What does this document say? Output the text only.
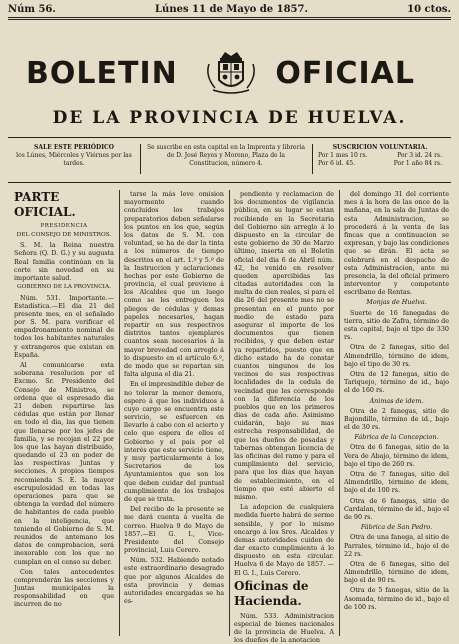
Núm 56.	Lúnes 11 de Mayo de 1857.	10 ctos.
BOLETIN	OFICIAL
DE LA PROVINCIA DE HUELVA.
SALE ESTE PERIÓDICO
los Lúnes, Miércoles y Viérnes por las tardes.
Se suscribe en esta capital en la Imprenta y librería de D. José Reyes y Moreno, Plaza de la Constitucion, número 4.
SUSCRICION VOLUNTARIA.
Por 1 mes 10 rs.	Por 3 id. 24 rs.
Por 6 id. 45.	Por 1 año 84 rs.

PARTE OFICIAL.

PRESIDENCIA

DEL CONSEJO DE MINISTROS.

S. M. la Reina nuestra Señora (Q. D. G.) y su augusta Real familia continúan en la corte sin novedad en su importante salud.

GOBIERNO DE LA PROVINCIA.

Núm. 531. Importante.— Estadística.—El dia 21 del presente mes, en el señalado por S. M. para verificar el empadronamiento nominal de todos los habitantes naturales y extrangeros que existan en España.

Al comunicarse esta soberana resolucion por el Excmo. Sr. Presidente del Consejo de Ministros, se ordena que el espresado dia 21 deben repartirse las cédulas que están por llenar en todo el dia, las que tienen que llenarse por los jefes de familia, y se recojan el 22 por los que las hayan distribuido, quedando el 23 en poder de las respectivas Juntas y secciones. A propios tiempos recomienda S. E. la mayor escrupulosidad en todas las operaciones para que se obtenga la verdad del número de habitantes de cada pueblo en la inteligencia, que teniendo el Gobierno de S. M. reunidos de antemano los datos de comprobacion, será inexorable con los que no cumplan en el censo su deber.

Con tales antecedentes comprenderán las secciones y Juntas municipales la responsabilidad en que incurren de no

tarse la más leve omision mayormente cuando concluidos los trabajos preparatorios deben señalarse los puntos en los que, según los datos de S. M. con voluntad, se ha de dar la tinta a los números de tiempo descritos en el art. 1.º y 5.º de la Instruccion y aclaraciones hechas por este Gobierno de provincia, el cual previene á los Alcaldes que un luego como se les entreguen los pliegos de cédulas y demas papeles necesarios, hagan repartir en sus respectivos distritos tantos ejemplares cuantos sean necesarios á la mayor brevedad con arreglo á lo dispuesto en el artículo 6.º, de modo que se repartan sin falta alguna el dia 21.

En el impresindible deber de no tolerar la menor demora, espero á que los individuos á cuyo cargo se encuentra este servicio, se esfuercen en llevarlo á cabo con el acierto y celo que espera de ellos el Gobierno y el pais por el interés que este servicio tiene, y muy particularmente á los Secretarios de los Ayuntamientos que son los que deben cuidar del puntual cumplimiento de los trabajos de que se trata.

Del recibo de la presente se me dará cuenta á vuelta de correo. Huelva 9 de Mayo de 1857.—El G. I., Vice-Presidente del Consejo provincial, Luis Cerero.

Núm. 532. Habiendo notado este extraordinario desagrado que por algunos Alcaldes de esta provincia y demas autoridades encargadas se ha es-

pendiente y reclamacion de los documentos de vigilancia pública, en su lugar se estan recibiendo en la Secretaria del Gobierno sin arreglo á lo dispuesto en la circular de este gobierno de 30 de Marzo último, inserta en el Boletin oficial del dia 6 de Abril núm. 42, he venido en resolver queden apercibidas las citadas autoridades con la multa de cien reales, si para el dia 26 del presente mes no se presentan en el punto por medio de estado para asegurar el importe de los documentos que tienen recibidos, y que deben estar ya repartidos, puesto que en dicho estado ha de constar cuantos ningunos de los vecinos de sus respectivas localidades de la cedula de vecindad que les corresponde con la diferencia de los pueblos que en los primeros dias de cada año. Asimismo cuidarán, bajo su mas estrecha responsabilidad, de que los dueños de posadas y tabernas obtengan licencia de las oficinas del ramo y para el cumplimiento del servicio, para que los dias que hayan de establecimiento, en el tiempo que esté abierto el mismo.

La adopcion de cualquiera medida fuerte habrá de serme sensible, y por lo mismo encargo á los Sres. Alcaldes y demas autoridades cuiden de dar exacto cumplimiento á lo dispuesto en esta circular. Huelva 6 de Mayo de 1857. —El G. I., Luis Cerero.

Oficinas de Hacienda.

Núm. 533. Administracion especial de bienes nacionales de la provincia de Huelva. A los dueños de la anotacion

del domingo 31 del corriente mes á la hora de las once de la mañana, en la sala de Juntas de esta Administracion, se procederá á la venta de las fincas que a continuacion se expresan, y bajo las condiciones que se dirán. El acta se celebrará en el despacho de esta Administracion, ante mi presencia, la del oficial primero interventor y competente escribano de Rentas.

Monjas de Huelva.

Suerte de 16 fanegadas de tierra, sitio de Zafra, término de esta capital, bajo el tipo de 330 rs.

Otra de 2 fanegas, sitio del Almendrillo, término de idem, bajo el tipo de 30 rs.

Otra de 12 fanegas, sitio de Tariquejo, término de id., bajo el de 160 rs.

Ánimas de idem.

Otra de 2 fanegas, sitio de Bajondillo, término de id., bajo el de 30 rs.

Fábrica de la Concepcion.

Otra de 6 fanegas, sitio de la Vera de Abajo, término de idem, bajo el tipo de 260 rs.

Otra de 7 fanegas, sitio del Almendrillo, término de idem, bajo el de 100 rs.

Otra de 6 fanegas, sitio de Cardalan, término de id., bajo el de 90 rs.

Fábrica de San Pedro.

Otra de una fanega, al sitio de Parrales, término id., bajo el de 22 rs.

Otra de 6 fanegas, sitio del Almendrillo, término de idem, bajo el de 90 rs.

Otra de 5 fanegas, sitio de la Asomada, término de id., bajo el de 100 rs.
